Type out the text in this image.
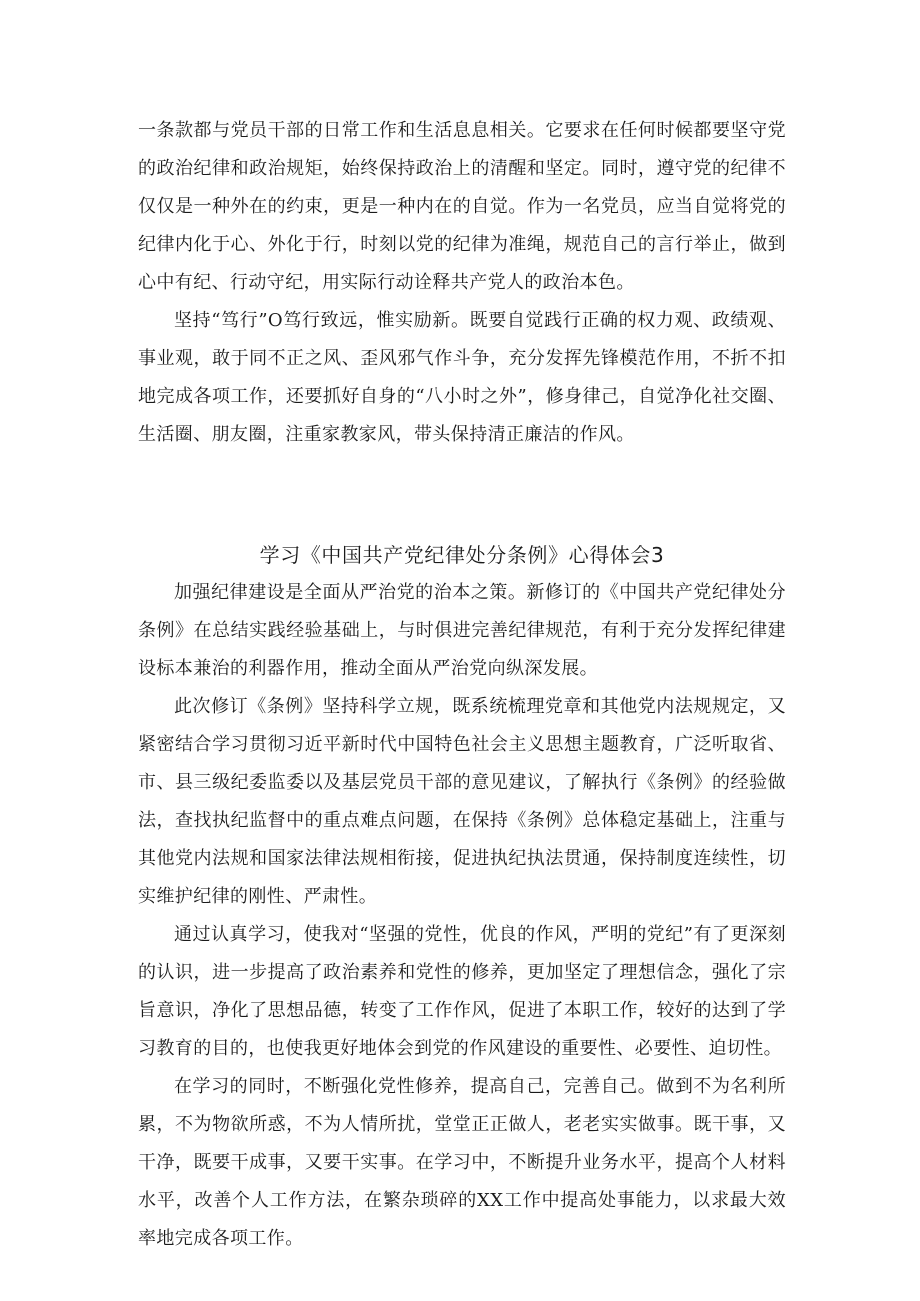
一条款都与党员干部的日常工作和生活息息相关。它要求在任何时候都要坚守党的政治纪律和政治规矩，始终保持政治上的清醒和坚定。同时，遵守党的纪律不仅仅是一种外在的约束，更是一种内在的自觉。作为一名党员，应当自觉将党的纪律内化于心、外化于行，时刻以党的纪律为准绳，规范自己的言行举止，做到心中有纪、行动守纪，用实际行动诠释共产党人的政治本色。

坚持“笃行”O笃行致远，惟实励新。既要自觉践行正确的权力观、政绩观、事业观，敢于同不正之风、歪风邪气作斗争，充分发挥先锋模范作用，不折不扣地完成各项工作，还要抓好自身的“八小时之外”，修身律己，自觉净化社交圈、生活圈、朋友圈，注重家教家风，带头保持清正廉洁的作风。

学习《中国共产党纪律处分条例》心得体会3

加强纪律建设是全面从严治党的治本之策。新修订的《中国共产党纪律处分条例》在总结实践经验基础上，与时俱进完善纪律规范，有利于充分发挥纪律建设标本兼治的利器作用，推动全面从严治党向纵深发展。

此次修订《条例》坚持科学立规，既系统梳理党章和其他党内法规规定，又紧密结合学习贯彻习近平新时代中国特色社会主义思想主题教育，广泛听取省、市、县三级纪委监委以及基层党员干部的意见建议，了解执行《条例》的经验做法，查找执纪监督中的重点难点问题，在保持《条例》总体稳定基础上，注重与其他党内法规和国家法律法规相衔接，促进执纪执法贯通，保持制度连续性，切实维护纪律的刚性、严肃性。

通过认真学习，使我对“坚强的党性，优良的作风，严明的党纪”有了更深刻的认识，进一步提高了政治素养和党性的修养，更加坚定了理想信念，强化了宗旨意识，净化了思想品德，转变了工作作风，促进了本职工作，较好的达到了学习教育的目的，也使我更好地体会到党的作风建设的重要性、必要性、迫切性。

在学习的同时，不断强化党性修养，提高自己，完善自己。做到不为名利所累，不为物欲所惑，不为人情所扰，堂堂正正做人，老老实实做事。既干事，又干净，既要干成事，又要干实事。在学习中，不断提升业务水平，提高个人材料水平，改善个人工作方法，在繁杂琐碎的XX工作中提高处事能力，以求最大效率地完成各项工作。
